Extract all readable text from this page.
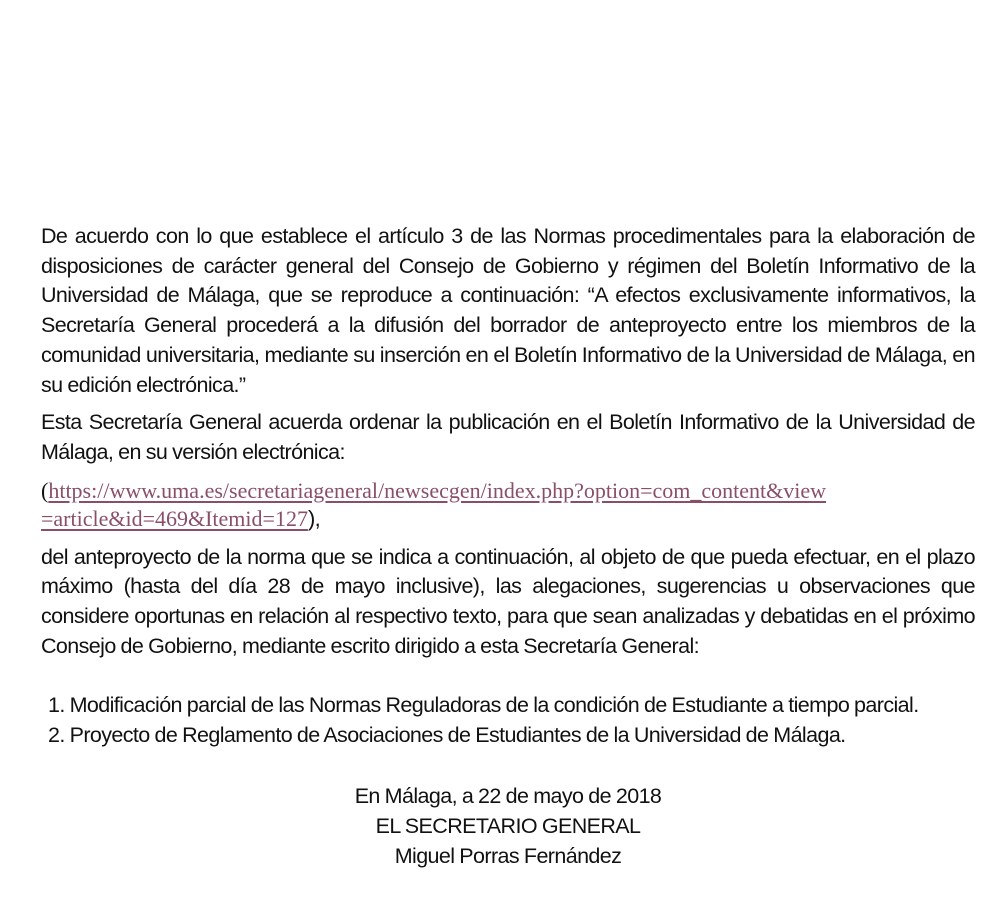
De acuerdo con lo que establece el artículo 3 de las Normas procedimentales para la elaboración de disposiciones de carácter general del Consejo de Gobierno y régimen del Boletín Informativo de la Universidad de Málaga, que se reproduce a continuación: “A efectos exclusivamente informativos, la Secretaría General procederá a la difusión del borrador de anteproyecto entre los miembros de la comunidad universitaria, mediante su inserción en el Boletín Informativo de la Universidad de Málaga, en su edición electrónica.”

Esta Secretaría General acuerda ordenar la publicación en el Boletín Informativo de la Universidad de Málaga, en su versión electrónica:

(https://www.uma.es/secretariageneral/newsecgen/index.php?option=com_content&view
=article&id=469&Itemid=127),

del anteproyecto de la norma que se indica a continuación, al objeto de que pueda efectuar, en el plazo máximo (hasta del día 28 de mayo inclusive), las alegaciones, sugerencias u observaciones que considere oportunas en relación al respectivo texto, para que sean analizadas y debatidas en el próximo Consejo de Gobierno, mediante escrito dirigido a esta Secretaría General:

1. Modificación parcial de las Normas Reguladoras de la condición de Estudiante a tiempo parcial.
2. Proyecto de Reglamento de Asociaciones de Estudiantes de la Universidad de Málaga.
En Málaga, a 22 de mayo de 2018
EL SECRETARIO GENERAL
Miguel Porras Fernández
